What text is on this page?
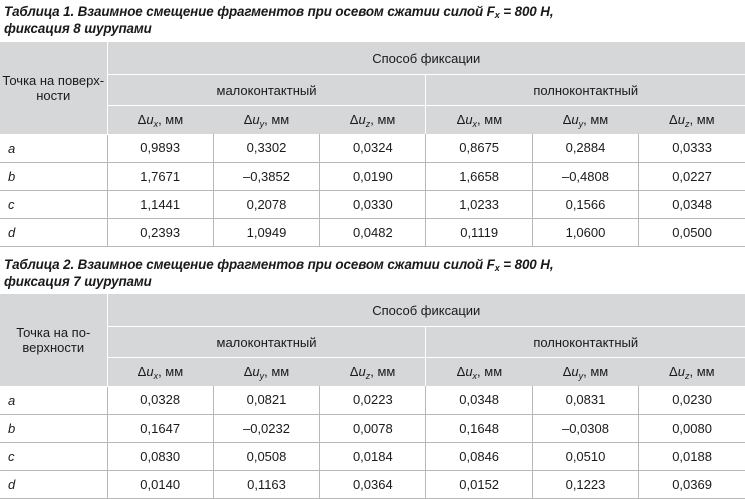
Таблица 1. Взаимное смещение фрагментов при осевом сжатии силой $F_x = 800$ Н,
фиксация 8 шурупами
Точка на поверх-ности	Способ фиксации					
	малоконтактный			полноконтактный		
	$\Delta u_x$, мм	$\Delta u_y$, мм	$\Delta u_z$, мм	$\Delta u_x$, мм	$\Delta u_y$, мм	$\Delta u_z$, мм
a	0,9893	0,3302	0,0324	0,8675	0,2884	0,0333
b	1,7671	–0,3852	0,0190	1,6658	–0,4808	0,0227
c	1,1441	0,2078	0,0330	1,0233	0,1566	0,0348
d	0,2393	1,0949	0,0482	0,1119	1,0600	0,0500
Таблица 2. Взаимное смещение фрагментов при осевом сжатии силой $F_x = 800$ Н,
фиксация 7 шурупами
Точка на по-верхности	Способ фиксации					
	малоконтактный			полноконтактный		
	$\Delta u_x$, мм	$\Delta u_y$, мм	$\Delta u_z$, мм	$\Delta u_x$, мм	$\Delta u_y$, мм	$\Delta u_z$, мм
a	0,0328	0,0821	0,0223	0,0348	0,0831	0,0230
b	0,1647	–0,0232	0,0078	0,1648	–0,0308	0,0080
c	0,0830	0,0508	0,0184	0,0846	0,0510	0,0188
d	0,0140	0,1163	0,0364	0,0152	0,1223	0,0369
